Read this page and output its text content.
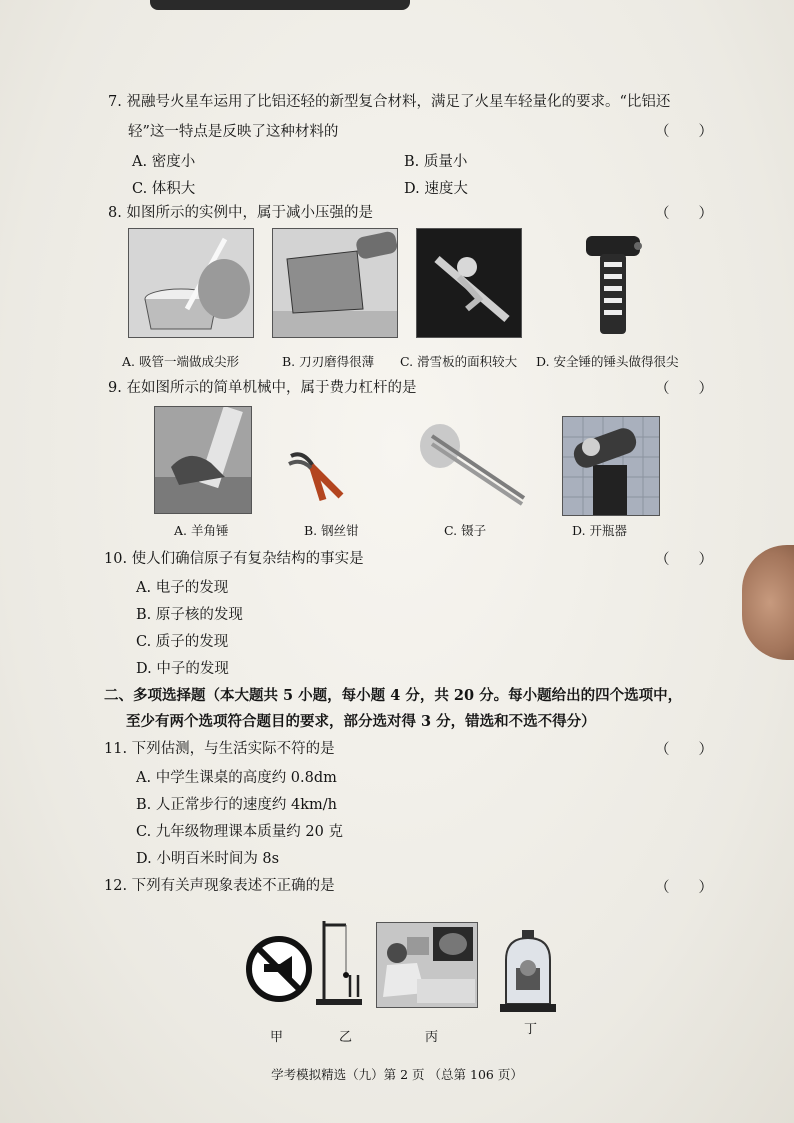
7. 祝融号火星车运用了比铝还轻的新型复合材料，满足了火星车轻量化的要求。“比铝还
轻”这一特点是反映了这种材料的	（　　）
A. 密度小	B. 质量小
C. 体积大	D. 速度大
8. 如图所示的实例中，属于减小压强的是	（　　）
A. 吸管一端做成尖形	B. 刀刃磨得很薄 C. 滑雪板的面积较大 D. 安全锤的锤头做得很尖
9. 在如图所示的简单机械中，属于费力杠杆的是	（　　）
A. 羊角锤	B. 钢丝钳	C. 镊子	D. 开瓶器
10. 使人们确信原子有复杂结构的事实是	（　　）
A. 电子的发现
B. 原子核的发现
C. 质子的发现
D. 中子的发现
二、多项选择题（本大题共 5 小题，每小题 4 分，共 20 分。每小题给出的四个选项中，
至少有两个选项符合题目的要求，部分选对得 3 分，错选和不选不得分）
11. 下列估测，与生活实际不符的是	（　　）
A. 中学生课桌的高度约 0.8dm
B. 人正常步行的速度约 4km/h
C. 九年级物理课本质量约 20 克
D. 小明百米时间为 8s
12. 下列有关声现象表述不正确的是	（　　）
甲	乙	丙
丁
学考模拟精选（九）第 2 页 （总第 106 页）
